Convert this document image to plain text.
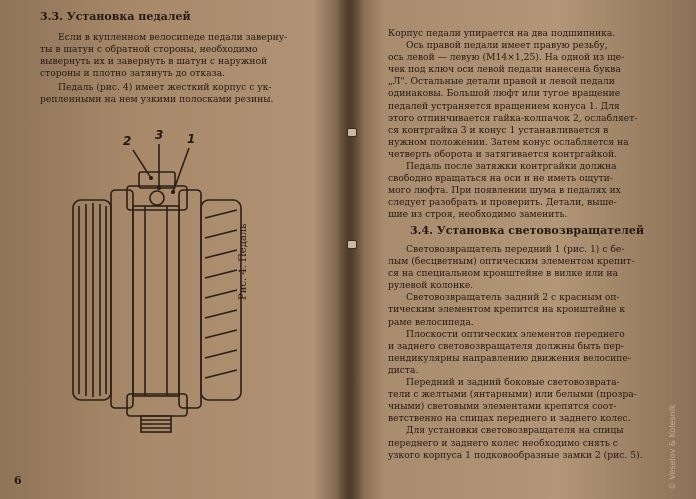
3.3. Установка педалей
Если в купленном велосипеде педали заверну-
ты в шатун с обратной стороны, необходимо
вывернуть их и завернуть в шатун с наружной
стороны и плотно затянуть до отказа.
Педаль (рис. 4) имеет жесткий корпус с ук-
репленными на нем узкими полосками резины.
2 3 1
Рис. 4. Педаль
6
Корпус педали упирается на два подшипника.
Ось правой педали имеет правую резьбу,
ось левой — левую (М14×1,25). На одной из ще-
чек под ключ оси левой педали нанесена буква
„Л". Остальные детали правой и левой педали
одинаковы. Большой люфт или тугое вращение
педалей устраняется вращением конуса 1. Для
этого отпинчивается гайка-колпачок 2, ослабляет-
ся контргайка 3 и конус 1 устанавливается в
нужном положении. Затем конус ослабляется на
четверть оборота и затягивается контргайкой.
Педаль после затяжки контргайки должна
свободно вращаться на оси и не иметь ощути-
мого люфта. При появлении шума в педалях их
следует разобрать и проверить. Детали, выше-
шие из строя, необходимо заменить.
3.4. Установка световозвращателей
Световозвращатель передний 1 (рис. 1) с бе-
лым (бесцветным) оптическим элементом крепит-
ся на специальном кронштейне в вилке или на
рулевой колонке.
Световозвращатель задний 2 с красным оп-
тическим элементом крепится на кронштейне к
раме велосипеда.
Плоскости оптических элементов переднего
и заднего световозвращателя должны быть пер-
пендикулярны направлению движения велосипе-
диста.
Передний и задний боковые световозврата-
тели с желтыми (янтарными) или белыми (прозра-
чными) световыми элементами крепятся соот-
ветственно на спицах переднего и заднего колес.
Для установки световозвращателя на спицы
переднего и заднего колес необходимо снять с
узкого корпуса 1 подковообразные замки 2 (рис. 5).	© Veselov & Kolesnik
